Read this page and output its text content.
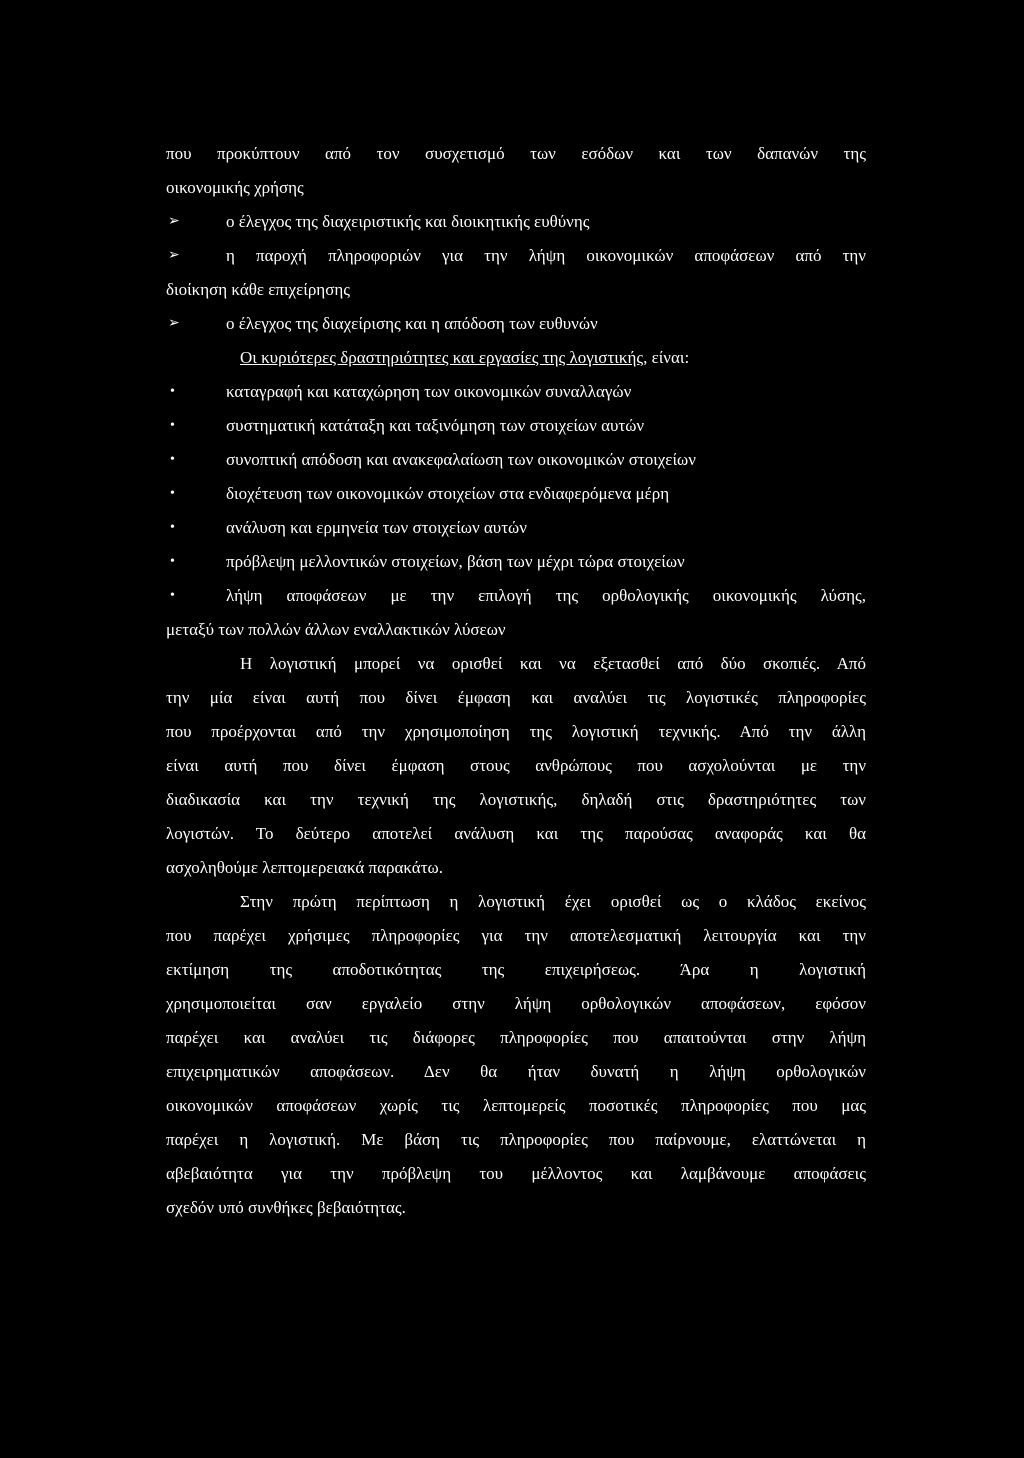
που προκύπτουν από τον συσχετισμό των εσόδων και των δαπανών της
οικονομικής χρήσης
➢	ο έλεγχος της διαχειριστικής και διοικητικής ευθύνης
➢	η παροχή πληροφοριών για την λήψη οικονομικών αποφάσεων από την
διοίκηση κάθε επιχείρησης
➢	ο έλεγχος της διαχείρισης και η απόδοση των ευθυνών
Οι κυριότερες δραστηριότητες και εργασίες της λογιστικής, είναι:
•	καταγραφή και καταχώρηση των οικονομικών συναλλαγών
•	συστηματική κατάταξη και ταξινόμηση των στοιχείων αυτών
•	συνοπτική απόδοση και ανακεφαλαίωση των οικονομικών στοιχείων
•	διοχέτευση των οικονομικών στοιχείων στα ενδιαφερόμενα μέρη
•	ανάλυση και ερμηνεία των στοιχείων αυτών
•	πρόβλεψη μελλοντικών στοιχείων, βάση των μέχρι τώρα στοιχείων
•	λήψη αποφάσεων με την επιλογή της ορθολογικής οικονομικής λύσης,
μεταξύ των πολλών άλλων εναλλακτικών λύσεων
Η λογιστική μπορεί να ορισθεί και να εξετασθεί από δύο σκοπιές. Από
την μία είναι αυτή που δίνει έμφαση και αναλύει τις λογιστικές πληροφορίες
που προέρχονται από την χρησιμοποίηση της λογιστική τεχνικής. Από την άλλη
είναι αυτή που δίνει έμφαση στους ανθρώπους που ασχολούνται με την
διαδικασία και την τεχνική της λογιστικής, δηλαδή στις δραστηριότητες των
λογιστών. Το δεύτερο αποτελεί ανάλυση και της παρούσας αναφοράς και θα
ασχοληθούμε λεπτομερειακά παρακάτω.
Στην πρώτη περίπτωση η λογιστική έχει ορισθεί ως ο κλάδος εκείνος
που παρέχει χρήσιμες πληροφορίες για την αποτελεσματική λειτουργία και την
εκτίμηση της αποδοτικότητας της επιχειρήσεως. Άρα η λογιστική
χρησιμοποιείται σαν εργαλείο στην λήψη ορθολογικών αποφάσεων, εφόσον
παρέχει και αναλύει τις διάφορες πληροφορίες που απαιτούνται στην λήψη
επιχειρηματικών αποφάσεων. Δεν θα ήταν δυνατή η λήψη ορθολογικών
οικονομικών αποφάσεων χωρίς τις λεπτομερείς ποσοτικές πληροφορίες που μας
παρέχει η λογιστική. Με βάση τις πληροφορίες που παίρνουμε, ελαττώνεται η
αβεβαιότητα για την πρόβλεψη του μέλλοντος και λαμβάνουμε αποφάσεις
σχεδόν υπό συνθήκες βεβαιότητας.
